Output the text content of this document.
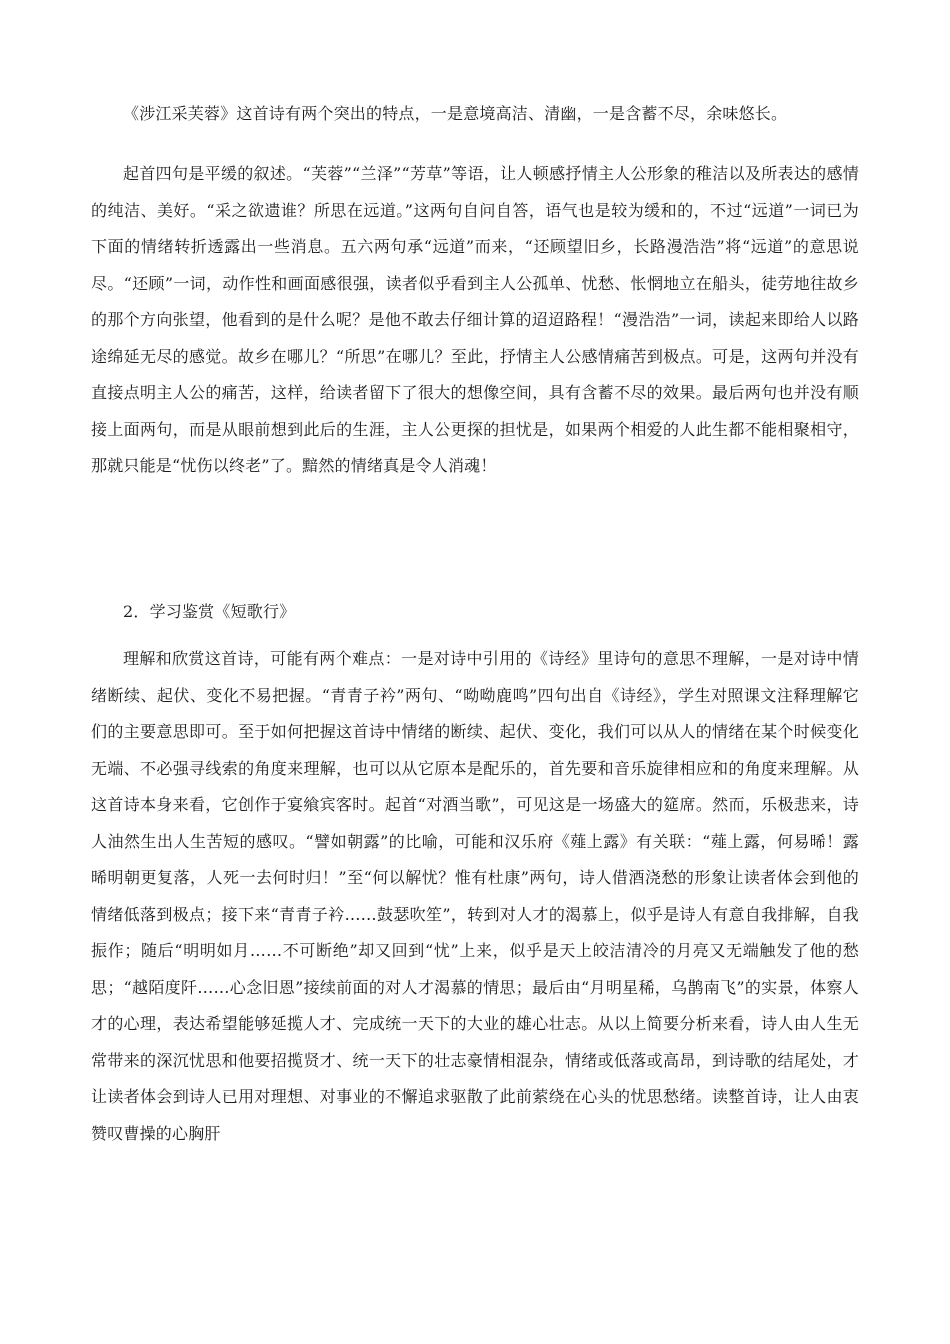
《涉江采芙蓉》这首诗有两个突出的特点，一是意境高洁、清幽，一是含蓄不尽，余味悠长。

起首四句是平缓的叙述。“芙蓉”“兰泽”“芳草”等语，让人顿感抒情主人公形象的稚洁以及所表达的感情的纯洁、美好。“采之欲遗谁？所思在远道。”这两句自问自答，语气也是较为缓和的，不过“远道”一词已为下面的情绪转折透露出一些消息。五六两句承“远道”而来，“还顾望旧乡，长路漫浩浩”将“远道”的意思说尽。“还顾”一词，动作性和画面感很强，读者似乎看到主人公孤单、忧愁、怅惘地立在船头，徒劳地往故乡的那个方向张望，他看到的是什么呢？是他不敢去仔细计算的迢迢路程！“漫浩浩”一词，读起来即给人以路途绵延无尽的感觉。故乡在哪儿？“所思”在哪儿？至此，抒情主人公感情痛苦到极点。可是，这两句并没有直接点明主人公的痛苦，这样，给读者留下了很大的想像空间，具有含蓄不尽的效果。最后两句也并没有顺接上面两句，而是从眼前想到此后的生涯，主人公更探的担忧是，如果两个相爱的人此生都不能相聚相守，那就只能是“忧伤以终老”了。黯然的情绪真是令人消魂！

2．学习鉴赏《短歌行》

理解和欣赏这首诗，可能有两个难点：一是对诗中引用的《诗经》里诗句的意思不理解，一是对诗中情绪断续、起伏、变化不易把握。“青青子衿”两句、“呦呦鹿鸣”四句出自《诗经》，学生对照课文注释理解它们的主要意思即可。至于如何把握这首诗中情绪的断续、起伏、变化，我们可以从人的情绪在某个时候变化无端、不必强寻线索的角度来理解，也可以从它原本是配乐的，首先要和音乐旋律相应和的角度来理解。从这首诗本身来看，它创作于宴飨宾客时。起首“对酒当歌”，可见这是一场盛大的筵席。然而，乐极悲来，诗人油然生出人生苦短的感叹。“譬如朝露”的比喻，可能和汉乐府《薤上露》有关联：“薤上露，何易晞！露晞明朝更复落，人死一去何时归！”至“何以解忧？惟有杜康”两句，诗人借酒浇愁的形象让读者体会到他的情绪低落到极点；接下来“青青子衿……鼓瑟吹笙”，转到对人才的渴慕上，似乎是诗人有意自我排解，自我振作；随后“明明如月……不可断绝”却又回到“忧”上来，似乎是天上皎洁清冷的月亮又无端触发了他的愁思；“越陌度阡……心念旧恩”接续前面的对人才渴慕的情思；最后由“月明星稀，乌鹊南飞”的实景，体察人才的心理，表达希望能够延揽人才、完成统一天下的大业的雄心壮志。从以上简要分析来看，诗人由人生无常带来的深沉忧思和他要招揽贤才、统一天下的壮志豪情相混杂，情绪或低落或高昂，到诗歌的结尾处，才让读者体会到诗人已用对理想、对事业的不懈追求驱散了此前萦绕在心头的忧思愁绪。读整首诗，让人由衷赞叹曹操的心胸肝
